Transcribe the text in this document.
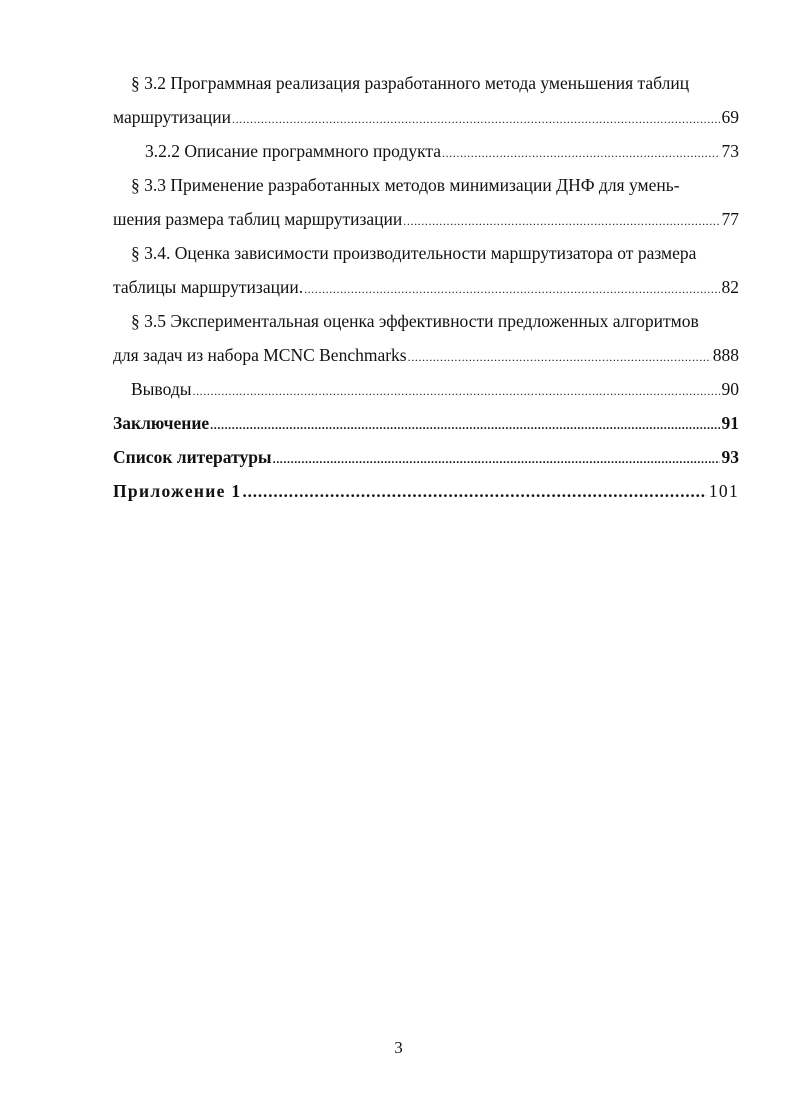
§ 3.2 Программная реализация разработанного метода уменьшения таблиц
маршрутизации .....	69
3.2.2 Описание программного продукта .....	73
§ 3.3 Применение разработанных методов минимизации ДНФ для умень-
шения размера таблиц маршрутизации .....	77
§ 3.4. Оценка зависимости производительности маршрутизатора от размера
таблицы маршрутизации. .....	82
§ 3.5 Экспериментальная оценка эффективности предложенных алгоритмов
для задач из набора MCNC Benchmarks .....	888
Выводы .....	90
Заключение .....	91
Список литературы .....	93
Приложение 1 .....	101
3
